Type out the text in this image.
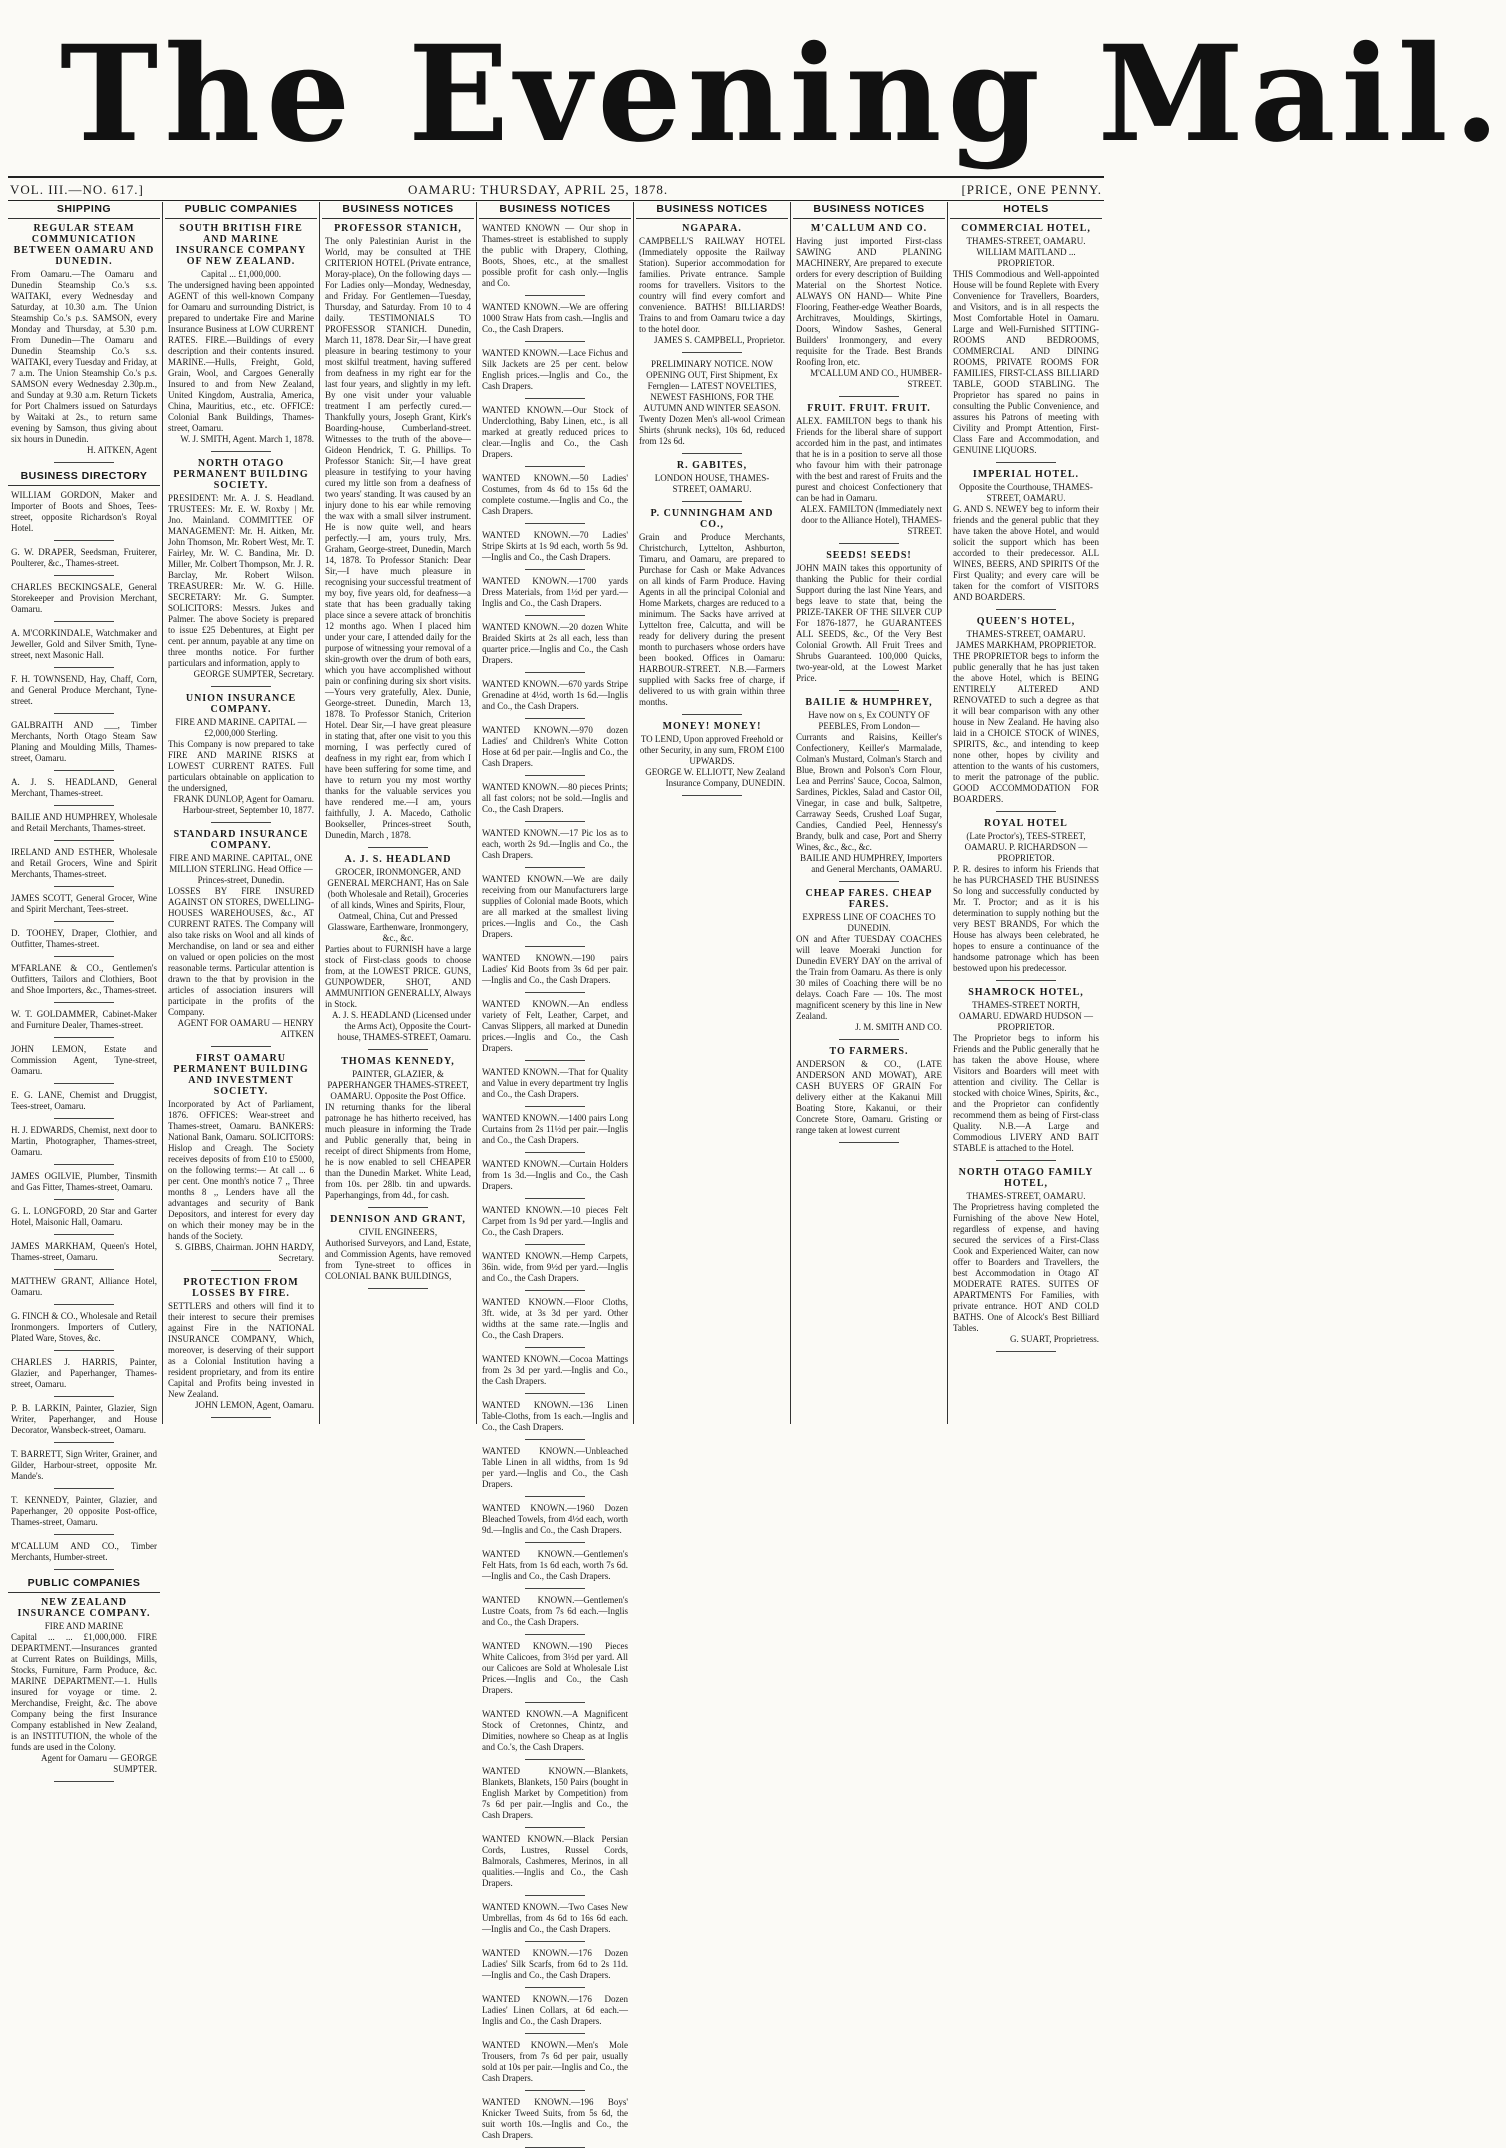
The Evening Mail.
VOL. III.—NO. 617.]	OAMARU: THURSDAY, APRIL 25, 1878.	[PRICE, ONE PENNY.
SHIPPING
REGULAR STEAM COMMUNICATION BETWEEN OAMARU AND DUNEDIN.
From Oamaru.—The Oamaru and Dunedin Steamship Co.'s s.s. WAITAKI, every Wednesday and Saturday, at 10.30 a.m. The Union Steamship Co.'s p.s. SAMSON, every Monday and Thursday, at 5.30 p.m. From Dunedin—The Oamaru and Dunedin Steamship Co.'s s.s. WAITAKI, every Tuesday and Friday, at 7 a.m. The Union Steamship Co.'s p.s. SAMSON every Wednesday 2.30p.m., and Sunday at 9.30 a.m. Return Tickets for Port Chalmers issued on Saturdays by Waitaki at 2s., to return same evening by Samson, thus giving about six hours in Dunedin.
H. AITKEN, Agent
BUSINESS DIRECTORY
WILLIAM GORDON, Maker and Importer of Boots and Shoes, Tees-street, opposite Richardson's Royal Hotel.
G. W. DRAPER, Seedsman, Fruiterer, Poulterer, &c., Thames-street.
CHARLES BECKINGSALE, General Storekeeper and Provision Merchant, Oamaru.
A. M'CORKINDALE, Watchmaker and Jeweller, Gold and Silver Smith, Tyne-street, next Masonic Hall.
F. H. TOWNSEND, Hay, Chaff, Corn, and General Produce Merchant, Tyne-street.
GALBRAITH AND ___, Timber Merchants, North Otago Steam Saw Planing and Moulding Mills, Thames-street, Oamaru.
A. J. S. HEADLAND, General Merchant, Thames-street.
BAILIE AND HUMPHREY, Wholesale and Retail Merchants, Thames-street.
IRELAND AND ESTHER, Wholesale and Retail Grocers, Wine and Spirit Merchants, Thames-street.
JAMES SCOTT, General Grocer, Wine and Spirit Merchant, Tees-street.
D. TOOHEY, Draper, Clothier, and Outfitter, Thames-street.
M'FARLANE & CO., Gentlemen's Outfitters, Tailors and Clothiers, Boot and Shoe Importers, &c., Thames-street.
W. T. GOLDAMMER, Cabinet-Maker and Furniture Dealer, Thames-street.
JOHN LEMON, Estate and Commission Agent, Tyne-street, Oamaru.
E. G. LANE, Chemist and Druggist, Tees-street, Oamaru.
H. J. EDWARDS, Chemist, next door to Martin, Photographer, Thames-street, Oamaru.
JAMES OGILVIE, Plumber, Tinsmith and Gas Fitter, Thames-street, Oamaru.
G. L. LONGFORD, 20 Star and Garter Hotel, Maisonic Hall, Oamaru.
JAMES MARKHAM, Queen's Hotel, Thames-street, Oamaru.
MATTHEW GRANT, Alliance Hotel, Oamaru.
G. FINCH & CO., Wholesale and Retail Ironmongers. Importers of Cutlery, Plated Ware, Stoves, &c.
CHARLES J. HARRIS, Painter, Glazier, and Paperhanger, Thames-street, Oamaru.
P. B. LARKIN, Painter, Glazier, Sign Writer, Paperhanger, and House Decorator, Wansbeck-street, Oamaru.
T. BARRETT, Sign Writer, Grainer, and Gilder, Harbour-street, opposite Mr. Mande's.
T. KENNEDY, Painter, Glazier, and Paperhanger, 20 opposite Post-office, Thames-street, Oamaru.
M'CALLUM AND CO., Timber Merchants, Humber-street.
PUBLIC COMPANIES
NEW ZEALAND INSURANCE COMPANY.
FIRE AND MARINE
Capital ... ... £1,000,000. FIRE DEPARTMENT.—Insurances granted at Current Rates on Buildings, Mills, Stocks, Furniture, Farm Produce, &c. MARINE DEPARTMENT.—1. Hulls insured for voyage or time. 2. Merchandise, Freight, &c. The above Company being the first Insurance Company established in New Zealand, is an INSTITUTION, the whole of the funds are used in the Colony.
Agent for Oamaru — GEORGE SUMPTER.
PUBLIC COMPANIES
SOUTH BRITISH FIRE AND MARINE INSURANCE COMPANY OF NEW ZEALAND.
Capital ... £1,000,000.
The undersigned having been appointed AGENT of this well-known Company for Oamaru and surrounding District, is prepared to undertake Fire and Marine Insurance Business at LOW CURRENT RATES. FIRE.—Buildings of every description and their contents insured. MARINE.—Hulls, Freight, Gold, Grain, Wool, and Cargoes Generally Insured to and from New Zealand, United Kingdom, Australia, America, China, Mauritius, etc., etc. OFFICE: Colonial Bank Buildings, Thames-street, Oamaru.
W. J. SMITH, Agent. March 1, 1878.
NORTH OTAGO PERMANENT BUILDING SOCIETY.
PRESIDENT: Mr. A. J. S. Headland. TRUSTEES: Mr. E. W. Roxby | Mr. Jno. Mainland. COMMITTEE OF MANAGEMENT: Mr. H. Aitken, Mr. John Thomson, Mr. Robert West, Mr. T. Fairley, Mr. W. C. Bandina, Mr. D. Miller, Mr. Colbert Thompson, Mr. J. R. Barclay, Mr. Robert Wilson. TREASURER: Mr. W. G. Hille. SECRETARY: Mr. G. Sumpter. SOLICITORS: Messrs. Jukes and Palmer. The above Society is prepared to issue £25 Debentures, at Eight per cent. per annum, payable at any time on three months notice. For further particulars and information, apply to
GEORGE SUMPTER, Secretary.
UNION INSURANCE COMPANY.
FIRE AND MARINE. CAPITAL — £2,000,000 Sterling.
This Company is now prepared to take FIRE AND MARINE RISKS at LOWEST CURRENT RATES. Full particulars obtainable on application to the undersigned,
FRANK DUNLOP, Agent for Oamaru. Harbour-street, September 10, 1877.
STANDARD INSURANCE COMPANY.
FIRE AND MARINE. CAPITAL, ONE MILLION STERLING. Head Office — Princes-street, Dunedin.
LOSSES BY FIRE INSURED AGAINST ON STORES, DWELLING-HOUSES WAREHOUSES, &c., AT CURRENT RATES. The Company will also take risks on Wool and all kinds of Merchandise, on land or sea and either on valued or open policies on the most reasonable terms. Particular attention is drawn to the that by provision in the articles of association insurers will participate in the profits of the Company.
AGENT FOR OAMARU — HENRY AITKEN
FIRST OAMARU PERMANENT BUILDING AND INVESTMENT SOCIETY.
Incorporated by Act of Parliament, 1876. OFFICES: Wear-street and Thames-street, Oamaru. BANKERS: National Bank, Oamaru. SOLICITORS: Hislop and Creagh. The Society receives deposits of from £10 to £5000, on the following terms:— At call ... 6 per cent. One month's notice 7 ,, Three months 8 ,, Lenders have all the advantages and security of Bank Depositors, and interest for every day on which their money may be in the hands of the Society.
S. GIBBS, Chairman. JOHN HARDY, Secretary.
PROTECTION FROM LOSSES BY FIRE.
SETTLERS and others will find it to their interest to secure their premises against Fire in the NATIONAL INSURANCE COMPANY, Which, moreover, is deserving of their support as a Colonial Institution having a resident proprietary, and from its entire Capital and Profits being invested in New Zealand.
JOHN LEMON, Agent, Oamaru.
BUSINESS NOTICES
PROFESSOR STANICH,
The only Palestinian Aurist in the World, may be consulted at THE CRITERION HOTEL (Private entrance, Moray-place), On the following days — For Ladies only—Monday, Wednesday, and Friday. For Gentlemen—Tuesday, Thursday, and Saturday. From 10 to 4 daily. TESTIMONIALS TO PROFESSOR STANICH. Dunedin, March 11, 1878. Dear Sir,—I have great pleasure in bearing testimony to your most skilful treatment, having suffered from deafness in my right ear for the last four years, and slightly in my left. By one visit under your valuable treatment I am perfectly cured.—Thankfully yours, Joseph Grant, Kirk's Boarding-house, Cumberland-street. Witnesses to the truth of the above—Gideon Hendrick, T. G. Phillips. To Professor Stanich: Sir,—I have great pleasure in testifying to your having cured my little son from a deafness of two years' standing. It was caused by an injury done to his ear while removing the wax with a small silver instrument. He is now quite well, and hears perfectly.—I am, yours truly, Mrs. Graham, George-street, Dunedin, March 14, 1878. To Professor Stanich: Dear Sir,—I have much pleasure in recognising your successful treatment of my boy, five years old, for deafness—a state that has been gradually taking place since a severe attack of bronchitis 12 months ago. When I placed him under your care, I attended daily for the purpose of witnessing your removal of a skin-growth over the drum of both ears, which you have accomplished without pain or confining during six short visits.—Yours very gratefully, Alex. Dunie, George-street. Dunedin, March 13, 1878. To Professor Stanich, Criterion Hotel. Dear Sir,—I have great pleasure in stating that, after one visit to you this morning, I was perfectly cured of deafness in my right ear, from which I have been suffering for some time, and have to return you my most worthy thanks for the valuable services you have rendered me.—I am, yours faithfully, J. A. Macedo, Catholic Bookseller, Princes-street South, Dunedin, March , 1878.
A. J. S. HEADLAND
GROCER, IRONMONGER, AND GENERAL MERCHANT, Has on Sale (both Wholesale and Retail), Groceries of all kinds, Wines and Spirits, Flour, Oatmeal, China, Cut and Pressed Glassware, Earthenware, Ironmongery, &c., &c.
Parties about to FURNISH have a large stock of First-class goods to choose from, at the LOWEST PRICE. GUNS, GUNPOWDER, SHOT, AND AMMUNITION GENERALLY, Always in Stock.
A. J. S. HEADLAND (Licensed under the Arms Act), Opposite the Court-house, THAMES-STREET, Oamaru.
THOMAS KENNEDY,
PAINTER, GLAZIER, & PAPERHANGER THAMES-STREET, OAMARU. Opposite the Post Office.
IN returning thanks for the liberal patronage he has hitherto received, has much pleasure in informing the Trade and Public generally that, being in receipt of direct Shipments from Home, he is now enabled to sell CHEAPER than the Dunedin Market. White Lead, from 10s. per 28lb. tin and upwards. Paperhangings, from 4d., for cash.
DENNISON AND GRANT,
CIVIL ENGINEERS,
Authorised Surveyors, and Land, Estate, and Commission Agents, have removed from Tyne-street to offices in COLONIAL BANK BUILDINGS,
BUSINESS NOTICES
WANTED KNOWN — Our shop in Thames-street is established to supply the public with Drapery, Clothing, Boots, Shoes, etc., at the smallest possible profit for cash only.—Inglis and Co.
WANTED KNOWN.—We are offering 1000 Straw Hats from cash.—Inglis and Co., the Cash Drapers.
WANTED KNOWN.—Lace Fichus and Silk Jackets are 25 per cent. below English prices.—Inglis and Co., the Cash Drapers.
WANTED KNOWN.—Our Stock of Underclothing, Baby Linen, etc., is all marked at greatly reduced prices to clear.—Inglis and Co., the Cash Drapers.
WANTED KNOWN.—50 Ladies' Costumes, from 4s 6d to 15s 6d the complete costume.—Inglis and Co., the Cash Drapers.
WANTED KNOWN.—70 Ladies' Stripe Skirts at 1s 9d each, worth 5s 9d.—Inglis and Co., the Cash Drapers.
WANTED KNOWN.—1700 yards Dress Materials, from 1½d per yard.—Inglis and Co., the Cash Drapers.
WANTED KNOWN.—20 dozen White Braided Skirts at 2s all each, less than quarter price.—Inglis and Co., the Cash Drapers.
WANTED KNOWN.—670 yards Stripe Grenadine at 4½d, worth 1s 6d.—Inglis and Co., the Cash Drapers.
WANTED KNOWN.—970 dozen Ladies' and Children's White Cotton Hose at 6d per pair.—Inglis and Co., the Cash Drapers.
WANTED KNOWN.—80 pieces Prints; all fast colors; not be sold.—Inglis and Co., the Cash Drapers.
WANTED KNOWN.—17 Pic los as to each, worth 2s 9d.—Inglis and Co., the Cash Drapers.
WANTED KNOWN.—We are daily receiving from our Manufacturers large supplies of Colonial made Boots, which are all marked at the smallest living prices.—Inglis and Co., the Cash Drapers.
WANTED KNOWN.—190 pairs Ladies' Kid Boots from 3s 6d per pair.—Inglis and Co., the Cash Drapers.
WANTED KNOWN.—An endless variety of Felt, Leather, Carpet, and Canvas Slippers, all marked at Dunedin prices.—Inglis and Co., the Cash Drapers.
WANTED KNOWN.—That for Quality and Value in every department try Inglis and Co., the Cash Drapers.
WANTED KNOWN.—1400 pairs Long Curtains from 2s 11½d per pair.—Inglis and Co., the Cash Drapers.
WANTED KNOWN.—Curtain Holders from 1s 3d.—Inglis and Co., the Cash Drapers.
WANTED KNOWN.—10 pieces Felt Carpet from 1s 9d per yard.—Inglis and Co., the Cash Drapers.
WANTED KNOWN.—Hemp Carpets, 36in. wide, from 9½d per yard.—Inglis and Co., the Cash Drapers.
WANTED KNOWN.—Floor Cloths, 3ft. wide, at 3s 3d per yard. Other widths at the same rate.—Inglis and Co., the Cash Drapers.
WANTED KNOWN.—Cocoa Mattings from 2s 3d per yard.—Inglis and Co., the Cash Drapers.
WANTED KNOWN.—136 Linen Table-Cloths, from 1s each.—Inglis and Co., the Cash Drapers.
WANTED KNOWN.—Unbleached Table Linen in all widths, from 1s 9d per yard.—Inglis and Co., the Cash Drapers.
WANTED KNOWN.—1960 Dozen Bleached Towels, from 4½d each, worth 9d.—Inglis and Co., the Cash Drapers.
WANTED KNOWN.—Gentlemen's Felt Hats, from 1s 6d each, worth 7s 6d.—Inglis and Co., the Cash Drapers.
WANTED KNOWN.—Gentlemen's Lustre Coats, from 7s 6d each.—Inglis and Co., the Cash Drapers.
WANTED KNOWN.—190 Pieces White Calicoes, from 3½d per yard. All our Calicoes are Sold at Wholesale List Prices.—Inglis and Co., the Cash Drapers.
WANTED KNOWN.—A Magnificent Stock of Cretonnes, Chintz, and Dimities, nowhere so Cheap as at Inglis and Co.'s, the Cash Drapers.
WANTED KNOWN.—Blankets, Blankets, Blankets, 150 Pairs (bought in English Market by Competition) from 7s 6d per pair.—Inglis and Co., the Cash Drapers.
WANTED KNOWN.—Black Persian Cords, Lustres, Russel Cords, Balmorals, Cashmeres, Merinos, in all qualities.—Inglis and Co., the Cash Drapers.
WANTED KNOWN.—Two Cases New Umbrellas, from 4s 6d to 16s 6d each.—Inglis and Co., the Cash Drapers.
WANTED KNOWN.—176 Dozen Ladies' Silk Scarfs, from 6d to 2s 11d.—Inglis and Co., the Cash Drapers.
WANTED KNOWN.—176 Dozen Ladies' Linen Collars, at 6d each.—Inglis and Co., the Cash Drapers.
WANTED KNOWN.—Men's Mole Trousers, from 7s 6d per pair, usually sold at 10s per pair.—Inglis and Co., the Cash Drapers.
WANTED KNOWN.—196 Boys' Knicker Tweed Suits, from 5s 6d, the suit worth 10s.—Inglis and Co., the Cash Drapers.
BUSINESS NOTICES
NGAPARA.
CAMPBELL'S RAILWAY HOTEL (Immediately opposite the Railway Station). Superior accommodation for families. Private entrance. Sample rooms for travellers. Visitors to the country will find every comfort and convenience. BATHS! BILLIARDS! Trains to and from Oamaru twice a day to the hotel door.
JAMES S. CAMPBELL, Proprietor.
PRELIMINARY NOTICE. NOW OPENING OUT, First Shipment, Ex Fernglen— LATEST NOVELTIES, NEWEST FASHIONS, FOR THE AUTUMN AND WINTER SEASON.
Twenty Dozen Men's all-wool Crimean Shirts (shrunk necks), 10s 6d, reduced from 12s 6d.
R. GABITES,
LONDON HOUSE, THAMES-STREET, OAMARU.
P. CUNNINGHAM AND CO.,
Grain and Produce Merchants, Christchurch, Lyttelton, Ashburton, Timaru, and Oamaru, are prepared to Purchase for Cash or Make Advances on all kinds of Farm Produce. Having Agents in all the principal Colonial and Home Markets, charges are reduced to a minimum. The Sacks have arrived at Lyttelton free, Calcutta, and will be ready for delivery during the present month to purchasers whose orders have been booked. Offices in Oamaru: HARBOUR-STREET. N.B.—Farmers supplied with Sacks free of charge, if delivered to us with grain within three months.
MONEY! MONEY!
TO LEND, Upon approved Freehold or other Security, in any sum, FROM £100 UPWARDS.
GEORGE W. ELLIOTT, New Zealand Insurance Company, DUNEDIN.
BUSINESS NOTICES
M'CALLUM AND CO.
Having just imported First-class SAWING AND PLANING MACHINERY, Are prepared to execute orders for every description of Building Material on the Shortest Notice. ALWAYS ON HAND— White Pine Flooring, Feather-edge Weather Boards, Architraves, Mouldings, Skirtings, Doors, Window Sashes, General Builders' Ironmongery, and every requisite for the Trade. Best Brands Roofing Iron, etc.
M'CALLUM AND CO., HUMBER-STREET.
FRUIT. FRUIT. FRUIT.
ALEX. FAMILTON begs to thank his Friends for the liberal share of support accorded him in the past, and intimates that he is in a position to serve all those who favour him with their patronage with the best and rarest of Fruits and the purest and choicest Confectionery that can be had in Oamaru.
ALEX. FAMILTON (Immediately next door to the Alliance Hotel), THAMES-STREET.
SEEDS! SEEDS!
JOHN MAIN takes this opportunity of thanking the Public for their cordial Support during the last Nine Years, and begs leave to state that, being the PRIZE-TAKER OF THE SILVER CUP For 1876-1877, he GUARANTEES ALL SEEDS, &c., Of the Very Best Colonial Growth. All Fruit Trees and Shrubs Guaranteed. 100,000 Quicks, two-year-old, at the Lowest Market Price.
BAILIE & HUMPHREY,
Have now on s, Ex COUNTY OF PEEBLES, From London—
Currants and Raisins, Keiller's Confectionery, Keiller's Marmalade, Colman's Mustard, Colman's Starch and Blue, Brown and Polson's Corn Flour, Lea and Perrins' Sauce, Cocoa, Salmon, Sardines, Pickles, Salad and Castor Oil, Vinegar, in case and bulk, Saltpetre, Carraway Seeds, Crushed Loaf Sugar, Candies, Candied Peel, Hennessy's Brandy, bulk and case, Port and Sherry Wines, &c., &c., &c.
BAILIE AND HUMPHREY, Importers and General Merchants, OAMARU.
CHEAP FARES. CHEAP FARES.
EXPRESS LINE OF COACHES TO DUNEDIN.
ON and After TUESDAY COACHES will leave Moeraki Junction for Dunedin EVERY DAY on the arrival of the Train from Oamaru. As there is only 30 miles of Coaching there will be no delays. Coach Fare — 10s. The most magnificent scenery by this line in New Zealand.
J. M. SMITH AND CO.
TO FARMERS.
ANDERSON & CO., (LATE ANDERSON AND MOWAT), ARE CASH BUYERS OF GRAIN For delivery either at the Kakanui Mill Boating Store, Kakanui, or their Concrete Store, Oamaru. Gristing or range taken at lowest current
HOTELS
COMMERCIAL HOTEL,
THAMES-STREET, OAMARU. WILLIAM MAITLAND ... PROPRIETOR.
THIS Commodious and Well-appointed House will be found Replete with Every Convenience for Travellers, Boarders, and Visitors, and is in all respects the Most Comfortable Hotel in Oamaru. Large and Well-Furnished SITTING-ROOMS AND BEDROOMS, COMMERCIAL AND DINING ROOMS, PRIVATE ROOMS FOR FAMILIES, FIRST-CLASS BILLIARD TABLE, GOOD STABLING. The Proprietor has spared no pains in consulting the Public Convenience, and assures his Patrons of meeting with Civility and Prompt Attention, First-Class Fare and Accommodation, and GENUINE LIQUORS.
IMPERIAL HOTEL.
Opposite the Courthouse, THAMES-STREET, OAMARU.
G. AND S. NEWEY beg to inform their friends and the general public that they have taken the above Hotel, and would solicit the support which has been accorded to their predecessor. ALL WINES, BEERS, AND SPIRITS Of the First Quality; and every care will be taken for the comfort of VISITORS AND BOARDERS.
QUEEN'S HOTEL,
THAMES-STREET, OAMARU. JAMES MARKHAM, PROPRIETOR.
THE PROPRIETOR begs to inform the public generally that he has just taken the above Hotel, which is BEING ENTIRELY ALTERED AND RENOVATED to such a degree as that it will bear comparison with any other house in New Zealand. He having also laid in a CHOICE STOCK of WINES, SPIRITS, &c., and intending to keep none other, hopes by civility and attention to the wants of his customers, to merit the patronage of the public. GOOD ACCOMMODATION FOR BOARDERS.
ROYAL HOTEL
(Late Proctor's), TEES-STREET, OAMARU. P. RICHARDSON — PROPRIETOR.
P. R. desires to inform his Friends that he has PURCHASED THE BUSINESS So long and successfully conducted by Mr. T. Proctor; and as it is his determination to supply nothing but the very BEST BRANDS, For which the House has always been celebrated, he hopes to ensure a continuance of the handsome patronage which has been bestowed upon his predecessor.
SHAMROCK HOTEL,
THAMES-STREET NORTH, OAMARU. EDWARD HUDSON — PROPRIETOR.
The Proprietor begs to inform his Friends and the Public generally that he has taken the above House, where Visitors and Boarders will meet with attention and civility. The Cellar is stocked with choice Wines, Spirits, &c., and the Proprietor can confidently recommend them as being of First-class Quality. N.B.—A Large and Commodious LIVERY AND BAIT STABLE is attached to the Hotel.
NORTH OTAGO FAMILY HOTEL,
THAMES-STREET, OAMARU.
The Proprietress having completed the Furnishing of the above New Hotel, regardless of expense, and having secured the services of a First-Class Cook and Experienced Waiter, can now offer to Boarders and Travellers, the best Accommodation in Otago AT MODERATE RATES. SUITES OF APARTMENTS For Families, with private entrance. HOT AND COLD BATHS. One of Alcock's Best Billiard Tables.
G. SUART, Proprietress.
